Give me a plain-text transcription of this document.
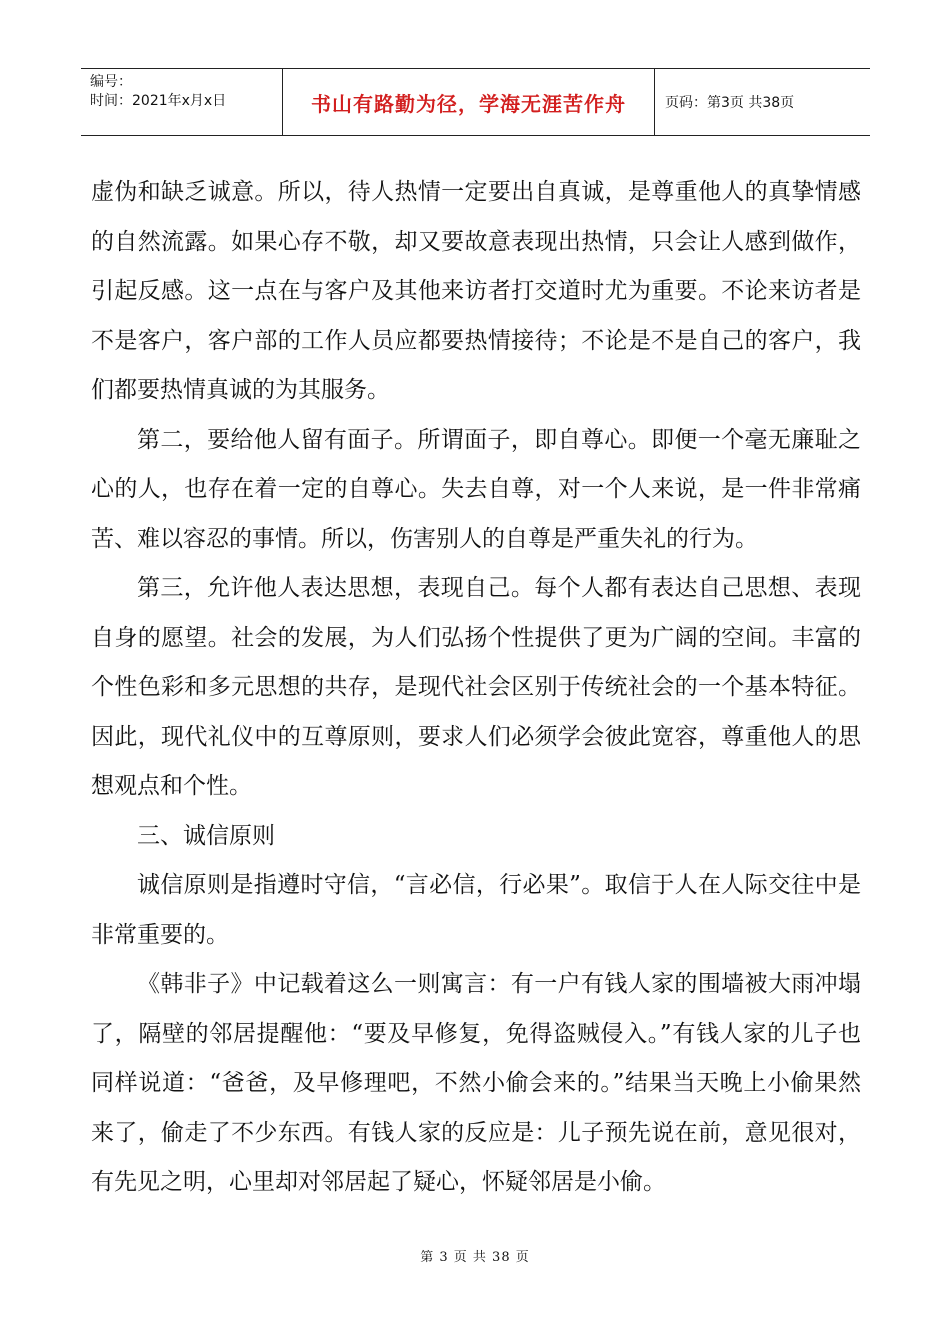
编号：
时间：2021年x月x日	书山有路勤为径，学海无涯苦作舟	页码：第3页 共38页

虚伪和缺乏诚意。所以，待人热情一定要出自真诚，是尊重他人的真挚情感的自然流露。如果心存不敬，却又要故意表现出热情，只会让人感到做作，引起反感。这一点在与客户及其他来访者打交道时尤为重要。不论来访者是不是客户，客户部的工作人员应都要热情接待；不论是不是自己的客户，我们都要热情真诚的为其服务。

第二，要给他人留有面子。所谓面子，即自尊心。即便一个毫无廉耻之心的人，也存在着一定的自尊心。失去自尊，对一个人来说，是一件非常痛苦、难以容忍的事情。所以，伤害别人的自尊是严重失礼的行为。

第三，允许他人表达思想，表现自己。每个人都有表达自己思想、表现自身的愿望。社会的发展，为人们弘扬个性提供了更为广阔的空间。丰富的个性色彩和多元思想的共存，是现代社会区别于传统社会的一个基本特征。因此，现代礼仪中的互尊原则，要求人们必须学会彼此宽容，尊重他人的思想观点和个性。

三、诚信原则

诚信原则是指遵时守信，“言必信，行必果”。取信于人在人际交往中是非常重要的。

《韩非子》中记载着这么一则寓言：有一户有钱人家的围墙被大雨冲塌了，隔壁的邻居提醒他：“要及早修复，免得盗贼侵入。”有钱人家的儿子也同样说道：“爸爸，及早修理吧，不然小偷会来的。”结果当天晚上小偷果然来了，偷走了不少东西。有钱人家的反应是：儿子预先说在前，意见很对，有先见之明，心里却对邻居起了疑心，怀疑邻居是小偷。

第 3 页 共 38 页
